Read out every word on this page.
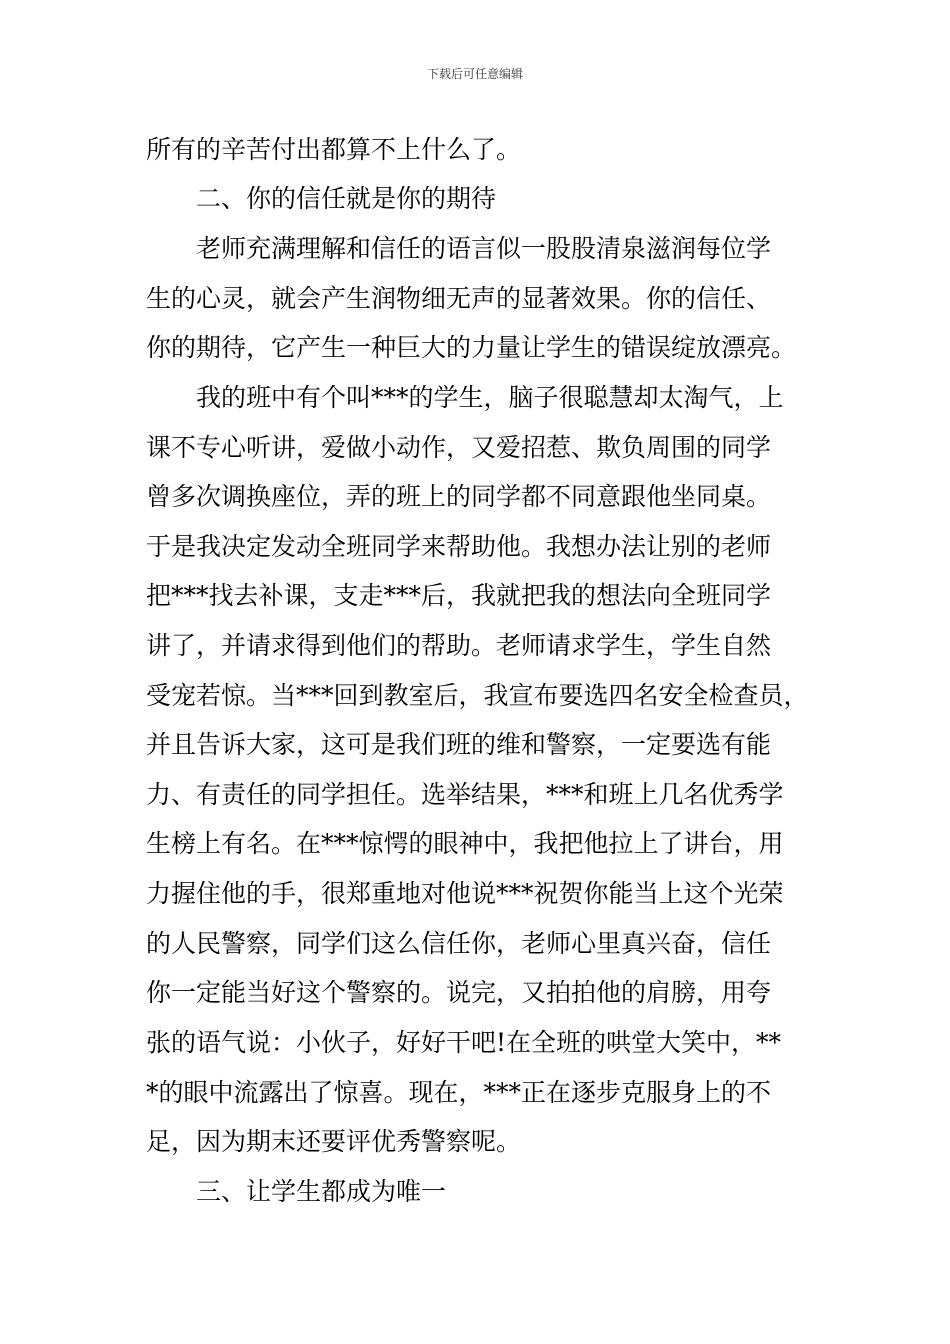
下载后可任意编辑
所有的辛苦付出都算不上什么了。
二、你的信任就是你的期待
老师充满理解和信任的语言似一股股清泉滋润每位学
生的心灵，就会产生润物细无声的显著效果。你的信任、
你的期待，它产生一种巨大的力量让学生的错误绽放漂亮。
我的班中有个叫***的学生，脑子很聪慧却太淘气，上
课不专心听讲，爱做小动作，又爱招惹、欺负周围的同学
曾多次调换座位，弄的班上的同学都不同意跟他坐同桌。
于是我决定发动全班同学来帮助他。我想办法让别的老师
把***找去补课，支走***后，我就把我的想法向全班同学
讲了，并请求得到他们的帮助。老师请求学生，学生自然
受宠若惊。当***回到教室后，我宣布要选四名安全检查员，
并且告诉大家，这可是我们班的维和警察，一定要选有能
力、有责任的同学担任。选举结果，***和班上几名优秀学
生榜上有名。在***惊愕的眼神中，我把他拉上了讲台，用
力握住他的手，很郑重地对他说***祝贺你能当上这个光荣
的人民警察，同学们这么信任你，老师心里真兴奋，信任
你一定能当好这个警察的。说完，又拍拍他的肩膀，用夸
张的语气说：小伙子，好好干吧!在全班的哄堂大笑中，**
*的眼中流露出了惊喜。现在，***正在逐步克服身上的不
足，因为期末还要评优秀警察呢。
三、让学生都成为唯一
